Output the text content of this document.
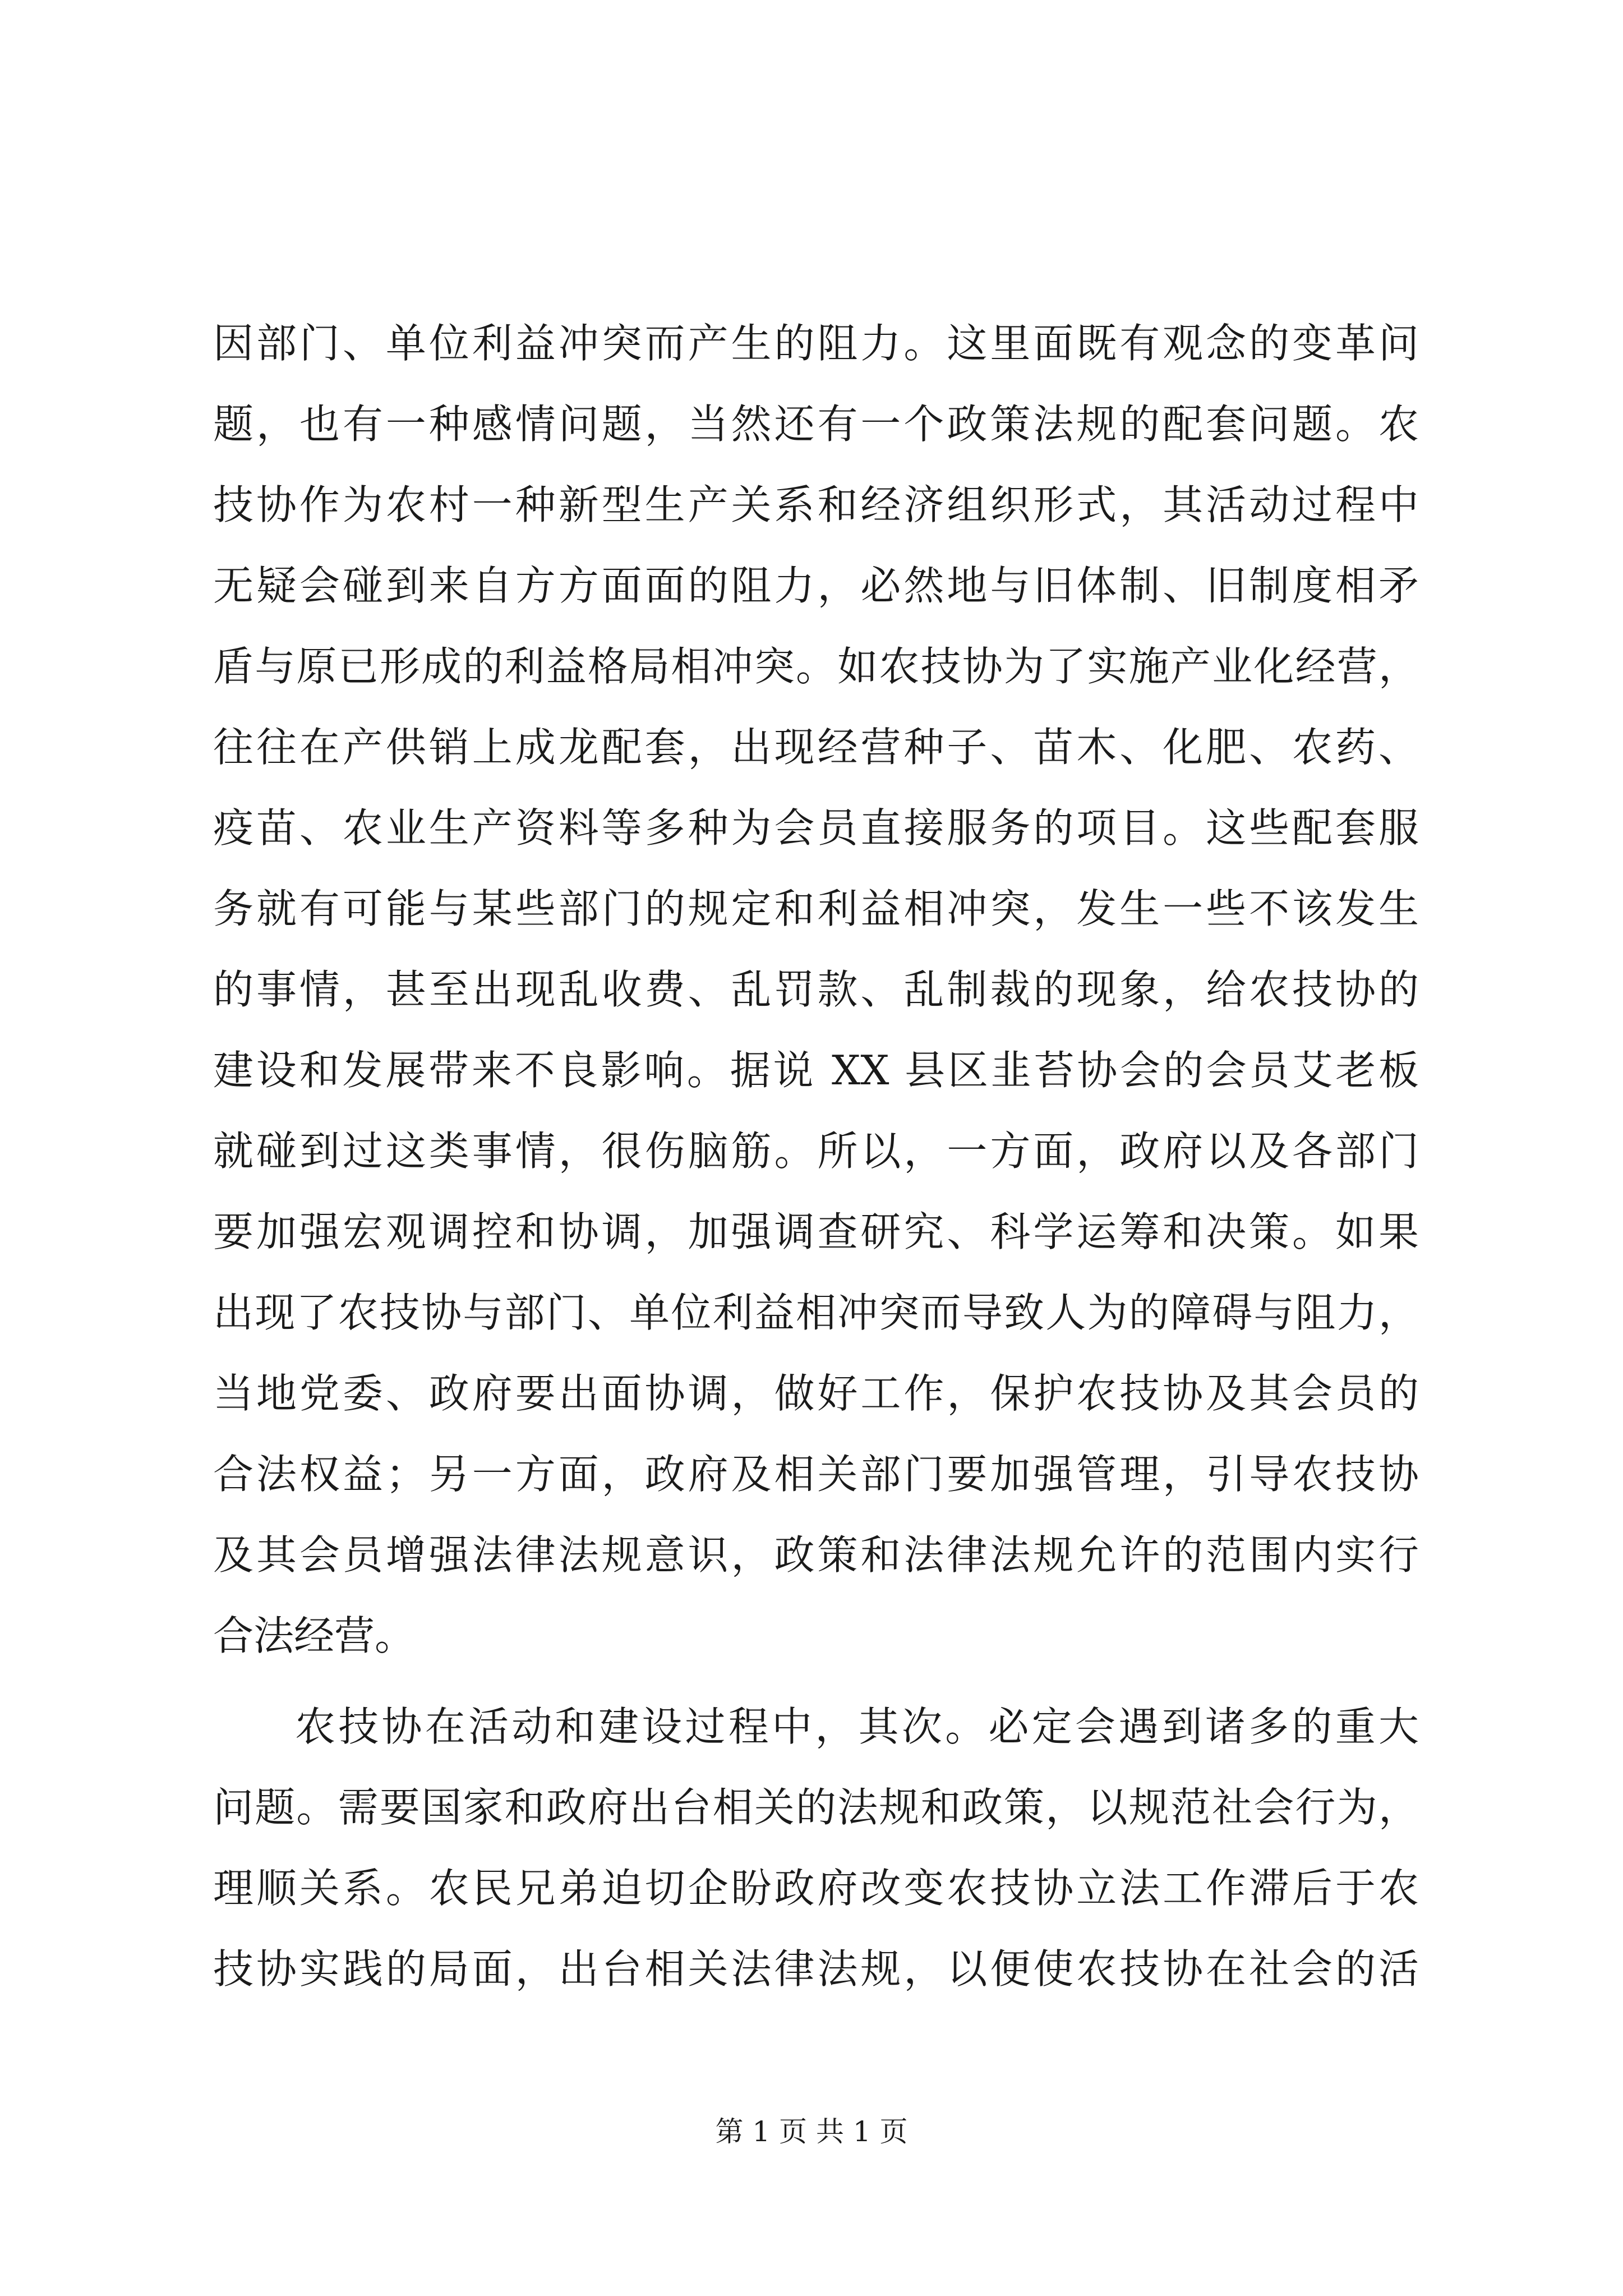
因部门、单位利益冲突而产生的阻力。这里面既有观念的变革问
题，也有一种感情问题，当然还有一个政策法规的配套问题。农
技协作为农村一种新型生产关系和经济组织形式，其活动过程中
无疑会碰到来自方方面面的阻力，必然地与旧体制、旧制度相矛
盾与原已形成的利益格局相冲突。如农技协为了实施产业化经营，
往往在产供销上成龙配套，出现经营种子、苗木、化肥、农药、
疫苗、农业生产资料等多种为会员直接服务的项目。这些配套服
务就有可能与某些部门的规定和利益相冲突，发生一些不该发生
的事情，甚至出现乱收费、乱罚款、乱制裁的现象，给农技协的
建设和发展带来不良影响。据说 XX 县区韭苔协会的会员艾老板
就碰到过这类事情，很伤脑筋。所以，一方面，政府以及各部门
要加强宏观调控和协调，加强调查研究、科学运筹和决策。如果
出现了农技协与部门、单位利益相冲突而导致人为的障碍与阻力，
当地党委、政府要出面协调，做好工作，保护农技协及其会员的
合法权益；另一方面，政府及相关部门要加强管理，引导农技协
及其会员增强法律法规意识，政策和法律法规允许的范围内实行
合法经营。
农技协在活动和建设过程中，其次。必定会遇到诸多的重大
问题。需要国家和政府出台相关的法规和政策，以规范社会行为，
理顺关系。农民兄弟迫切企盼政府改变农技协立法工作滞后于农
技协实践的局面，出台相关法律法规，以便使农技协在社会的活
第 1 页 共 1 页
